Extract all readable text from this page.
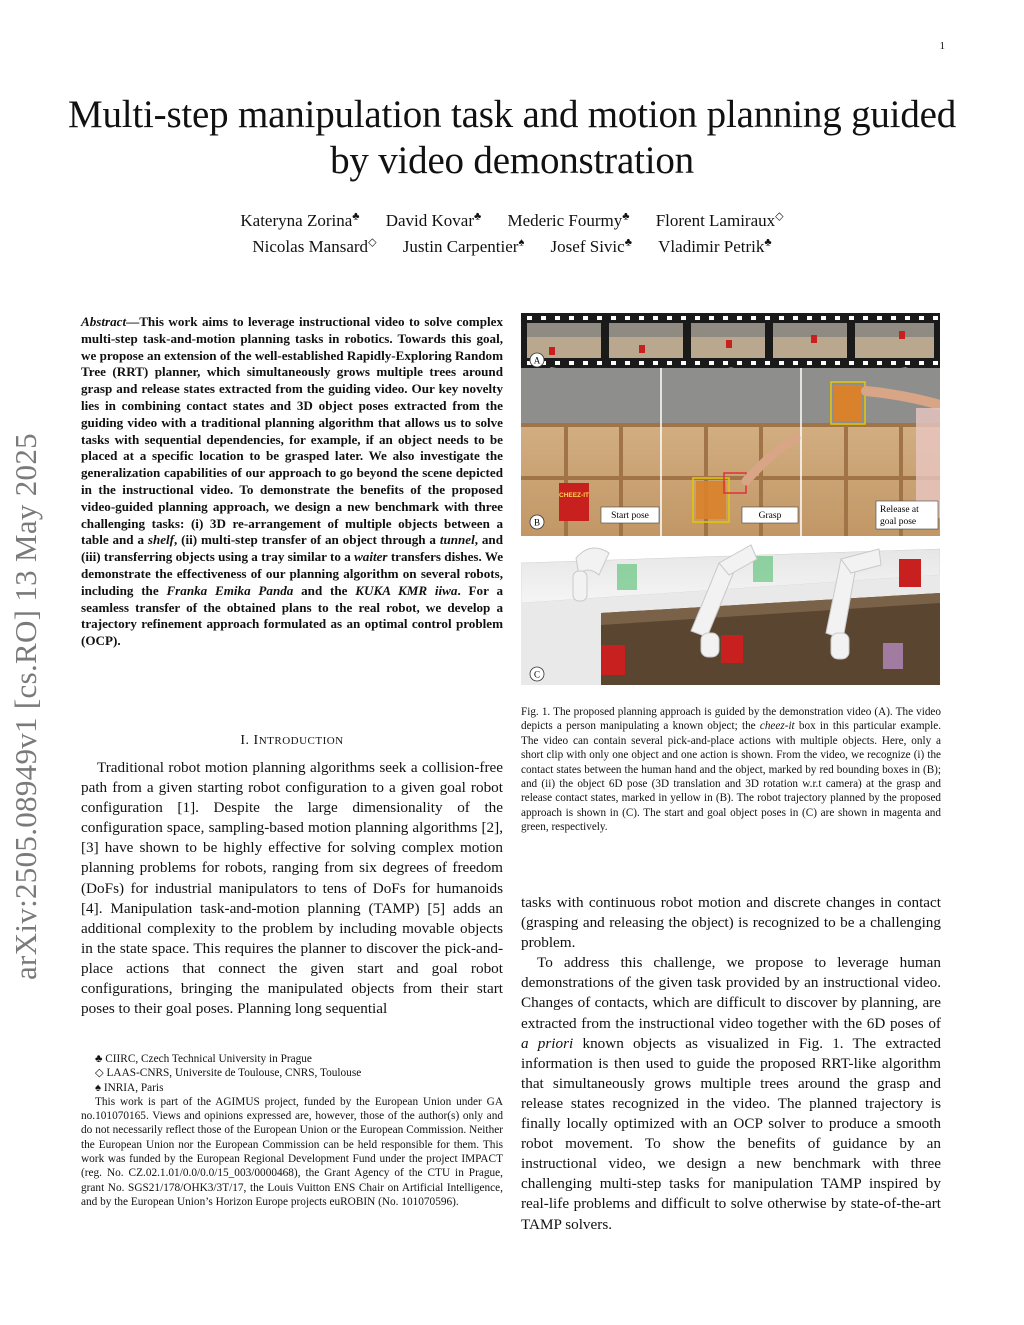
1
Multi-step manipulation task and motion planning guided by video demonstration
Kateryna Zorina♣ David Kovar♣ Mederic Fourmy♣ Florent Lamiraux◇
Nicolas Mansard◇ Justin Carpentier♠ Josef Sivic♣ Vladimir Petrik♣
arXiv:2505.08949v1 [cs.RO] 13 May 2025
Abstract—This work aims to leverage instructional video to solve complex multi-step task-and-motion planning tasks in robotics. Towards this goal, we propose an extension of the well-established Rapidly-Exploring Random Tree (RRT) planner, which simultaneously grows multiple trees around grasp and release states extracted from the guiding video. Our key novelty lies in combining contact states and 3D object poses extracted from the guiding video with a traditional planning algorithm that allows us to solve tasks with sequential dependencies, for example, if an object needs to be placed at a specific location to be grasped later. We also investigate the generalization capabilities of our approach to go beyond the scene depicted in the instructional video. To demonstrate the benefits of the proposed video-guided planning approach, we design a new benchmark with three challenging tasks: (i) 3D re-arrangement of multiple objects between a table and a shelf, (ii) multi-step transfer of an object through a tunnel, and (iii) transferring objects using a tray similar to a waiter transfers dishes. We demonstrate the effectiveness of our planning algorithm on several robots, including the Franka Emika Panda and the KUKA KMR iiwa. For a seamless transfer of the obtained plans to the real robot, we develop a trajectory refinement approach formulated as an optimal control problem (OCP).
I. INTRODUCTION

Traditional robot motion planning algorithms seek a collision-free path from a given starting robot configuration to a given goal robot configuration [1]. Despite the large dimensionality of the configuration space, sampling-based motion planning algorithms [2], [3] have shown to be highly effective for solving complex motion planning problems for robots, ranging from six degrees of freedom (DoFs) for industrial manipulators to tens of DoFs for humanoids [4]. Manipulation task-and-motion planning (TAMP) [5] adds an additional complexity to the problem by including movable objects in the state space. This requires the planner to discover the pick-and-place actions that connect the given start and goal robot configurations, bringing the manipulated objects from their start poses to their goal poses. Planning long sequential

♣ CIIRC, Czech Technical University in Prague

◇ LAAS-CNRS, Universite de Toulouse, CNRS, Toulouse

♠ INRIA, Paris

This work is part of the AGIMUS project, funded by the European Union under GA no.101070165. Views and opinions expressed are, however, those of the author(s) only and do not necessarily reflect those of the European Union or the European Commission. Neither the European Union nor the European Commission can be held responsible for them. This work was funded by the European Regional Development Fund under the project IMPACT (reg. No. CZ.02.1.01/0.0/0.0/15_003/0000468), the Grant Agency of the CTU in Prague, grant No. SGS21/178/OHK3/3T/17, the Louis Vuitton ENS Chair on Artificial Intelligence, and by the European Union’s Horizon Europe projects euROBIN (No. 101070596).

CHEEZ-IT
Start pose	Grasp
Release at
goal pose
A
B
C
Fig. 1. The proposed planning approach is guided by the demonstration video (A). The video depicts a person manipulating a known object; the cheez-it box in this particular example. The video can contain several pick-and-place actions with multiple objects. Here, only a short clip with only one object and one action is shown. From the video, we recognize (i) the contact states between the human hand and the object, marked by red bounding boxes in (B); and (ii) the object 6D pose (3D translation and 3D rotation w.r.t camera) at the grasp and release contact states, marked in yellow in (B). The robot trajectory planned by the proposed approach is shown in (C). The start and goal object poses in (C) are shown in magenta and green, respectively.

tasks with continuous robot motion and discrete changes in contact (grasping and releasing the object) is recognized to be a challenging problem.

To address this challenge, we propose to leverage human demonstrations of the given task provided by an instructional video. Changes of contacts, which are difficult to discover by planning, are extracted from the instructional video together with the 6D poses of a priori known objects as visualized in Fig. 1. The extracted information is then used to guide the proposed RRT-like algorithm that simultaneously grows multiple trees around the grasp and release states recognized in the video. The planned trajectory is finally locally optimized with an OCP solver to produce a smooth robot movement. To show the benefits of guidance by an instructional video, we design a new benchmark with three challenging multi-step tasks for manipulation TAMP inspired by real-life problems and difficult to solve otherwise by state-of-the-art TAMP solvers.
